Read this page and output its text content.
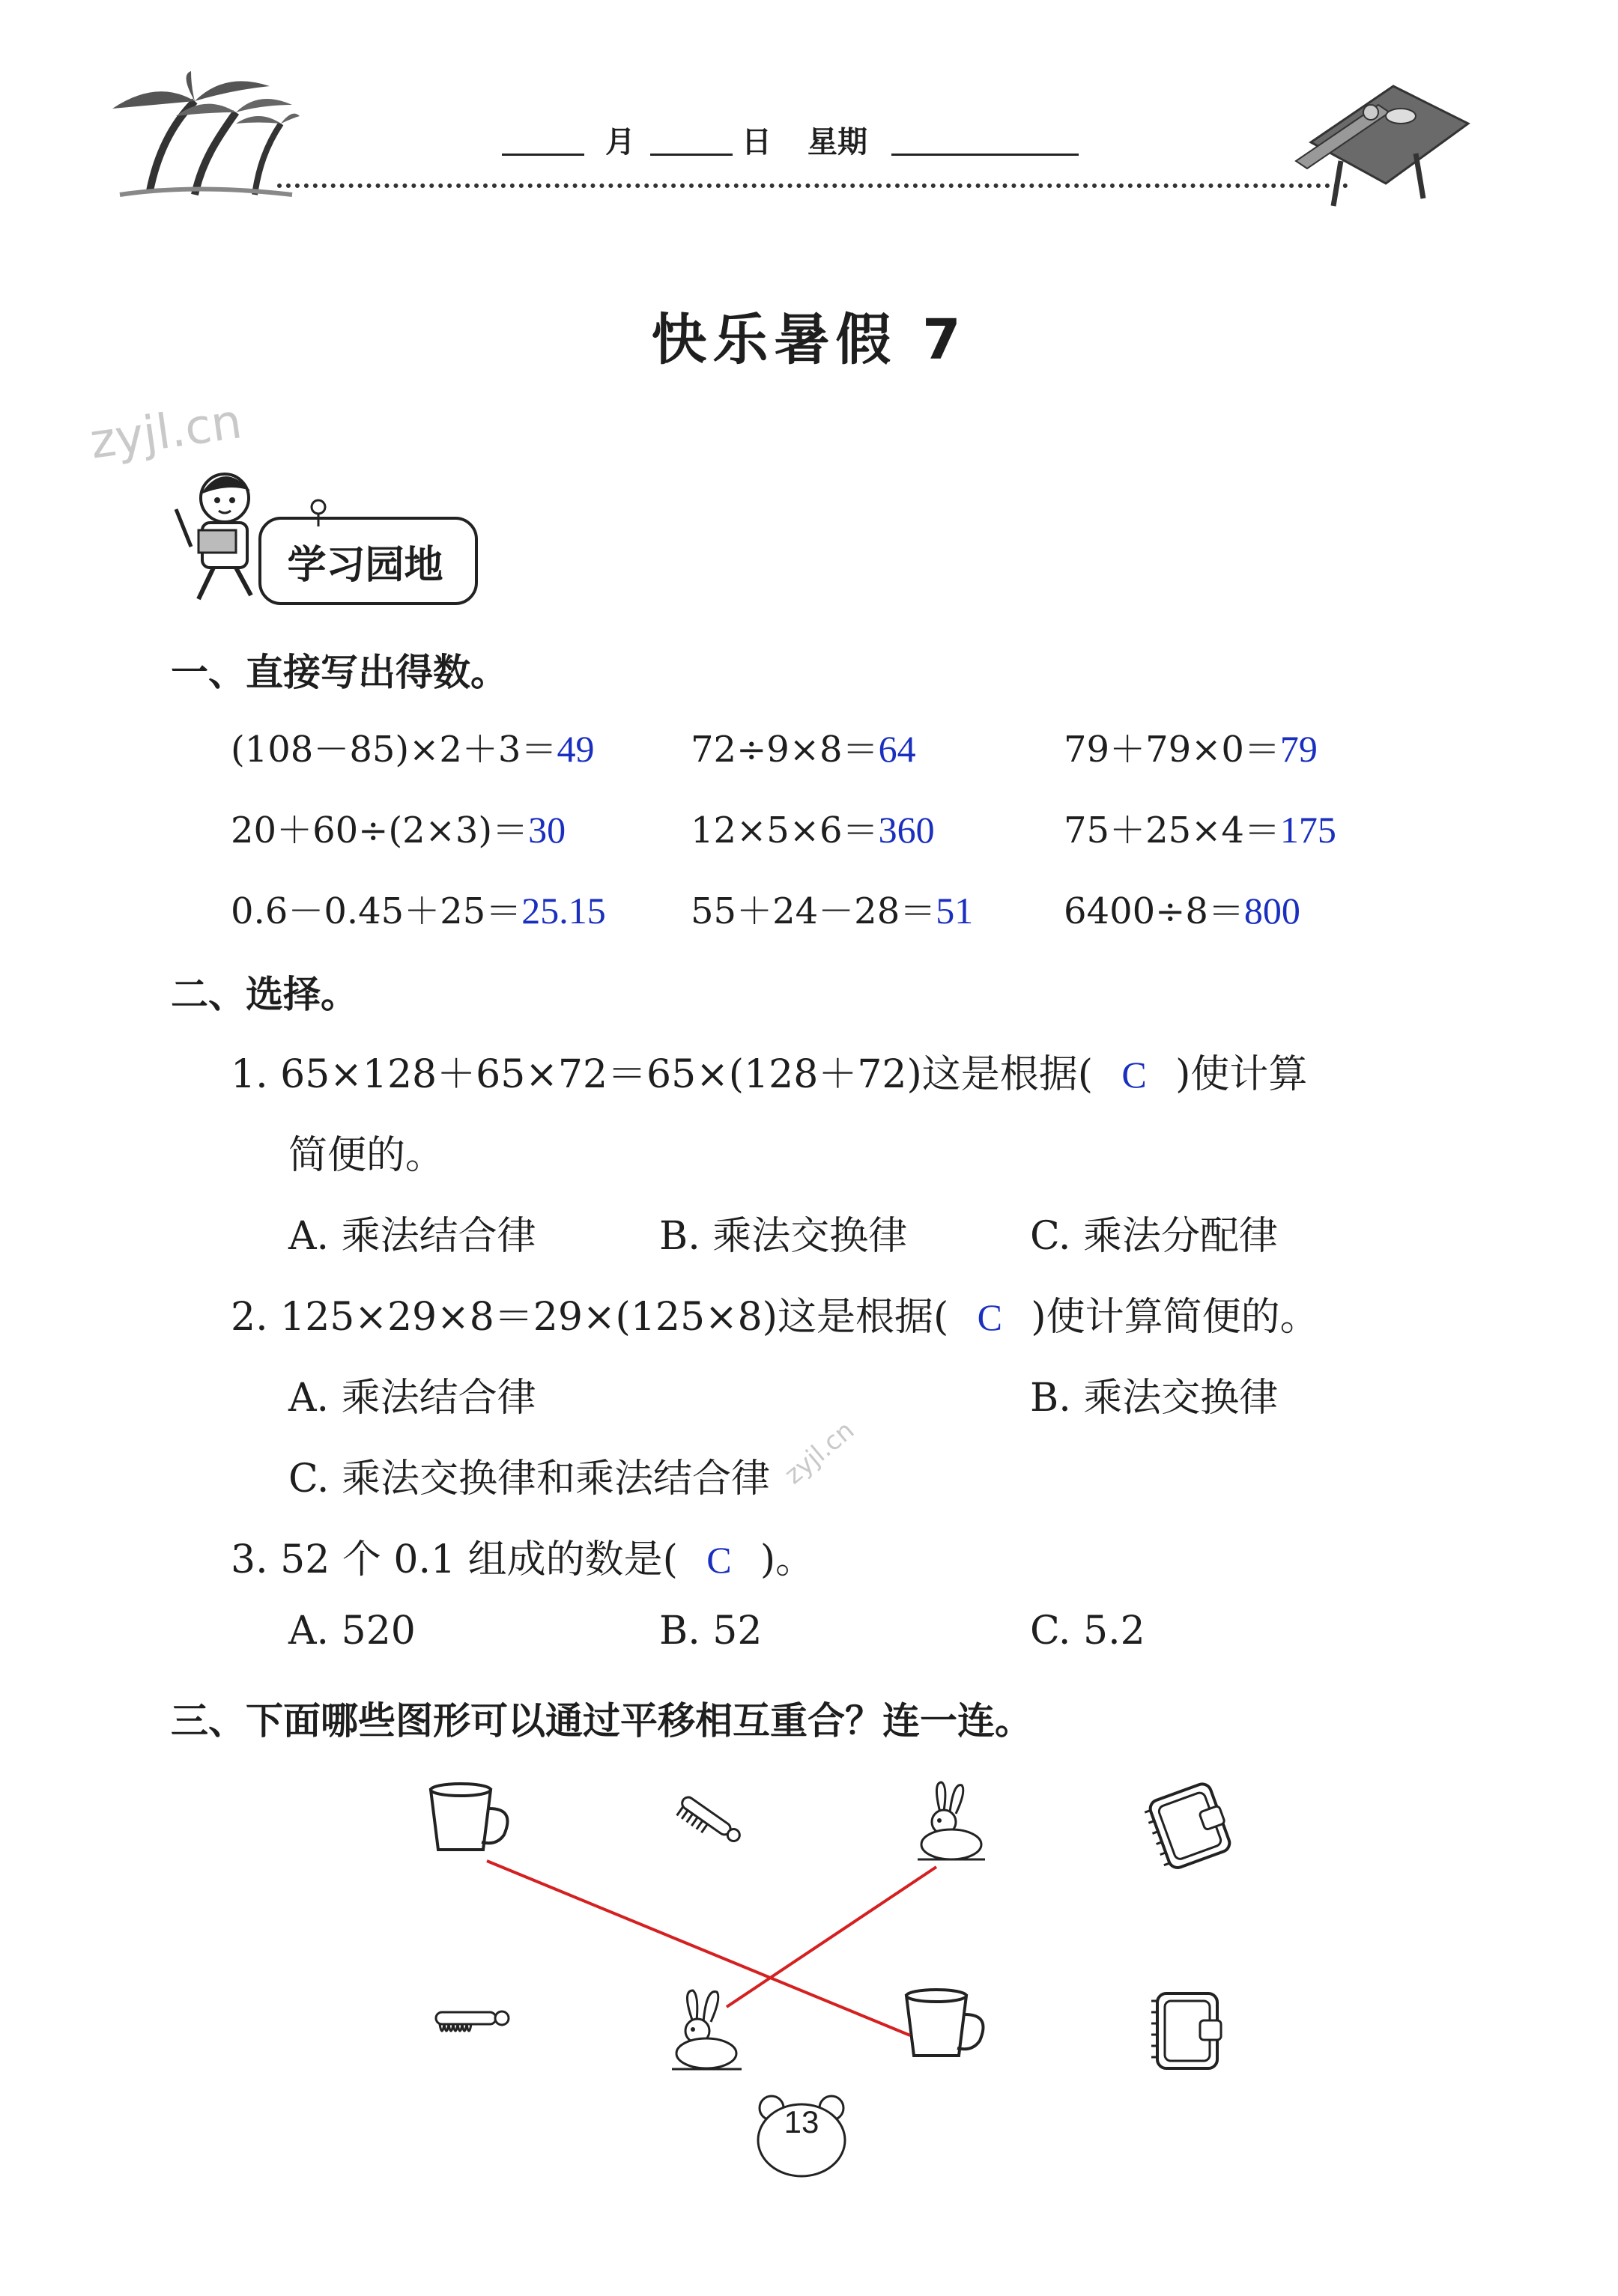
月	日 星期
快乐暑假 7
zyjl.cn
zyjl.cn
学习园地
一、直接写出得数。
(108－85)×2＋3＝49	72÷9×8＝64	79＋79×0＝79
20＋60÷(2×3)＝30	12×5×6＝360	75＋25×4＝175
0.6－0.45＋25＝25.15 55＋24－28＝51	6400÷8＝800
二、选择。
1. 65×128＋65×72＝65×(128＋72)这是根据( C )使计算
简便的。
A. 乘法结合律	B. 乘法交换律	C. 乘法分配律
2. 125×29×8＝29×(125×8)这是根据( C )使计算简便的。
A. 乘法结合律	B. 乘法交换律
C. 乘法交换律和乘法结合律
3. 52 个 0.1 组成的数是( C )。
A. 520	B. 52	C. 5.2
三、下面哪些图形可以通过平移相互重合？连一连。
13
